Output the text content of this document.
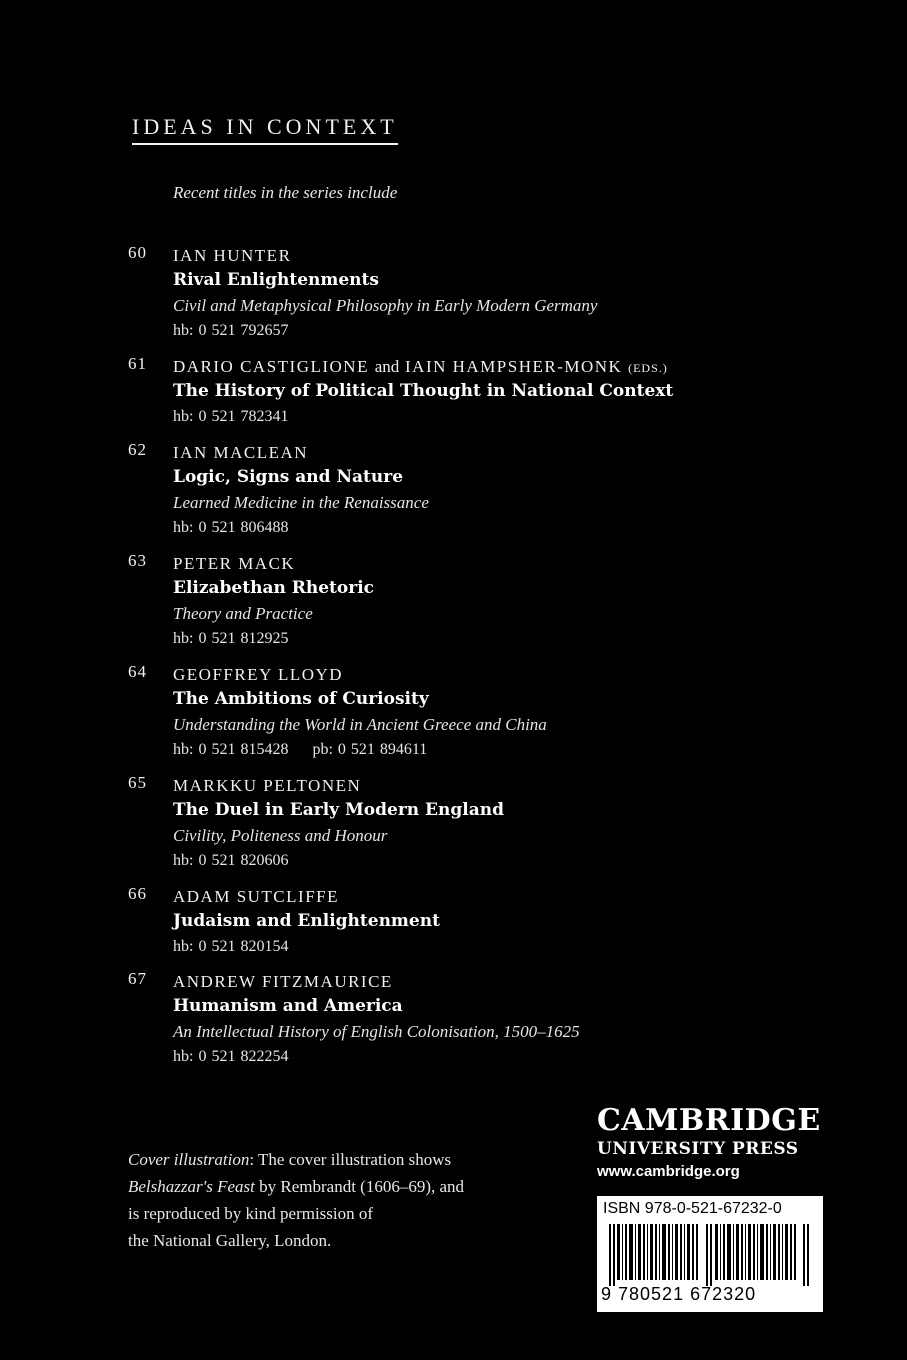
IDEAS IN CONTEXT
Recent titles in the series include
60 IAN HUNTER
Rival Enlightenments
Civil and Metaphysical Philosophy in Early Modern Germany
hb: 0 521 792657
61 DARIO CASTIGLIONE and IAIN HAMPSHER-MONK (EDS.)
The History of Political Thought in National Context
hb: 0 521 782341
62 IAN MACLEAN
Logic, Signs and Nature
Learned Medicine in the Renaissance
hb: 0 521 806488
63 PETER MACK
Elizabethan Rhetoric
Theory and Practice
hb: 0 521 812925
64 GEOFFREY LLOYD
The Ambitions of Curiosity
Understanding the World in Ancient Greece and China
hb: 0 521 815428 pb: 0 521 894611
65 MARKKU PELTONEN
The Duel in Early Modern England
Civility, Politeness and Honour
hb: 0 521 820606
66 ADAM SUTCLIFFE
Judaism and Enlightenment
hb: 0 521 820154
67 ANDREW FITZMAURICE
Humanism and America
An Intellectual History of English Colonisation, 1500–1625
hb: 0 521 822254
Cover illustration: The cover illustration shows
Belshazzar's Feast by Rembrandt (1606–69), and
is reproduced by kind permission of
the National Gallery, London.
CAMBRIDGE
UNIVERSITY PRESS
www.cambridge.org
ISBN 978-0-521-67232-0
9 780521 672320
